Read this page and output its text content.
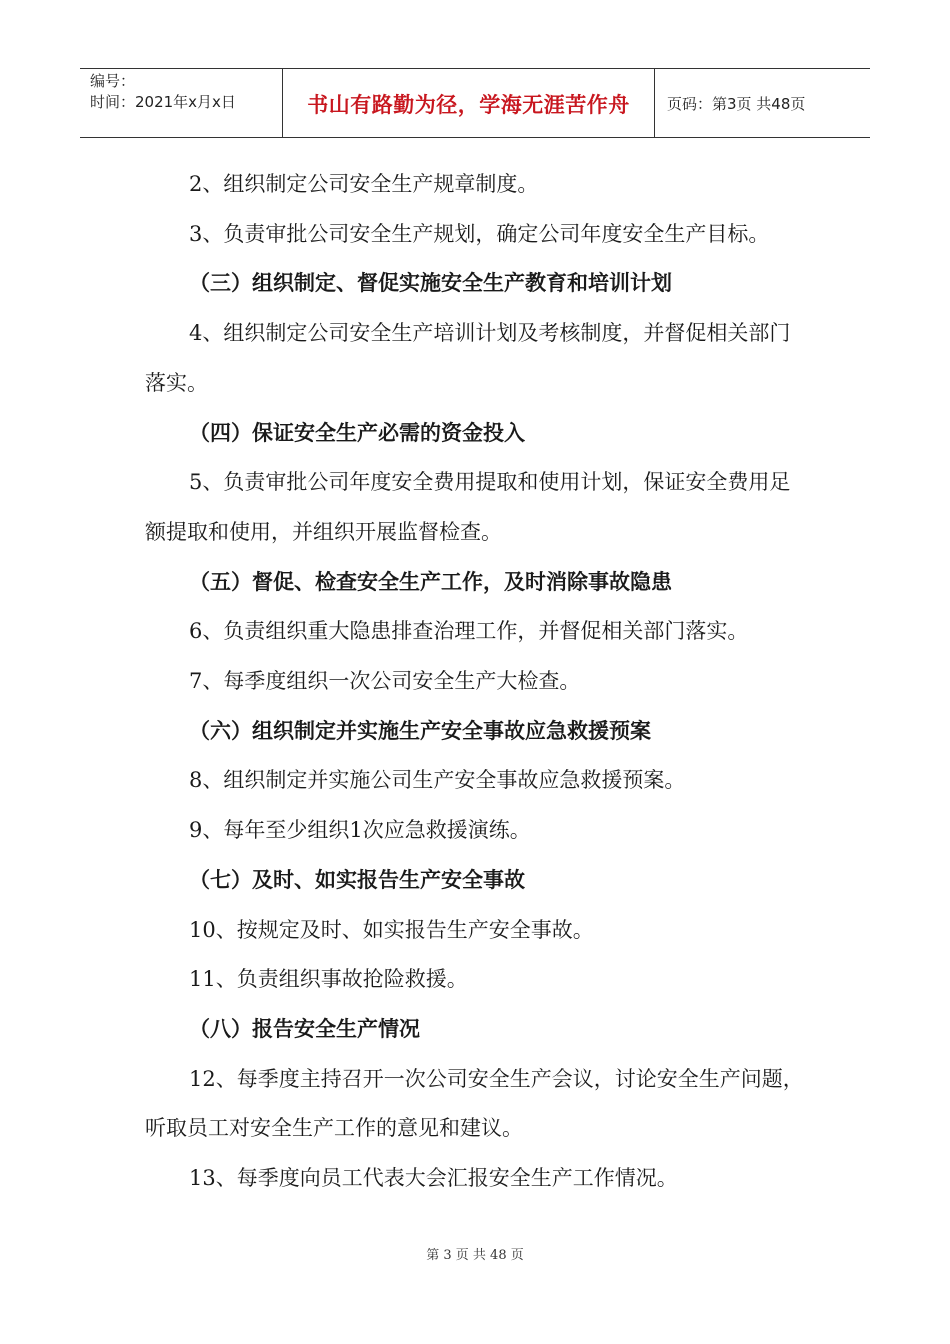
编号：
时间：2021年x月x日	书山有路勤为径，学海无涯苦作舟	页码：第3页 共48页

2、组织制定公司安全生产规章制度。

3、负责审批公司安全生产规划，确定公司年度安全生产目标。

（三）组织制定、督促实施安全生产教育和培训计划

4、组织制定公司安全生产培训计划及考核制度，并督促相关部门落实。

（四）保证安全生产必需的资金投入

5、负责审批公司年度安全费用提取和使用计划，保证安全费用足额提取和使用，并组织开展监督检查。

（五）督促、检查安全生产工作，及时消除事故隐患

6、负责组织重大隐患排查治理工作，并督促相关部门落实。

7、每季度组织一次公司安全生产大检查。

（六）组织制定并实施生产安全事故应急救援预案

8、组织制定并实施公司生产安全事故应急救援预案。

9、每年至少组织1次应急救援演练。

（七）及时、如实报告生产安全事故

10、按规定及时、如实报告生产安全事故。

11、负责组织事故抢险救援。

（八）报告安全生产情况

12、每季度主持召开一次公司安全生产会议，讨论安全生产问题，听取员工对安全生产工作的意见和建议。

13、每季度向员工代表大会汇报安全生产工作情况。

第 3 页 共 48 页
